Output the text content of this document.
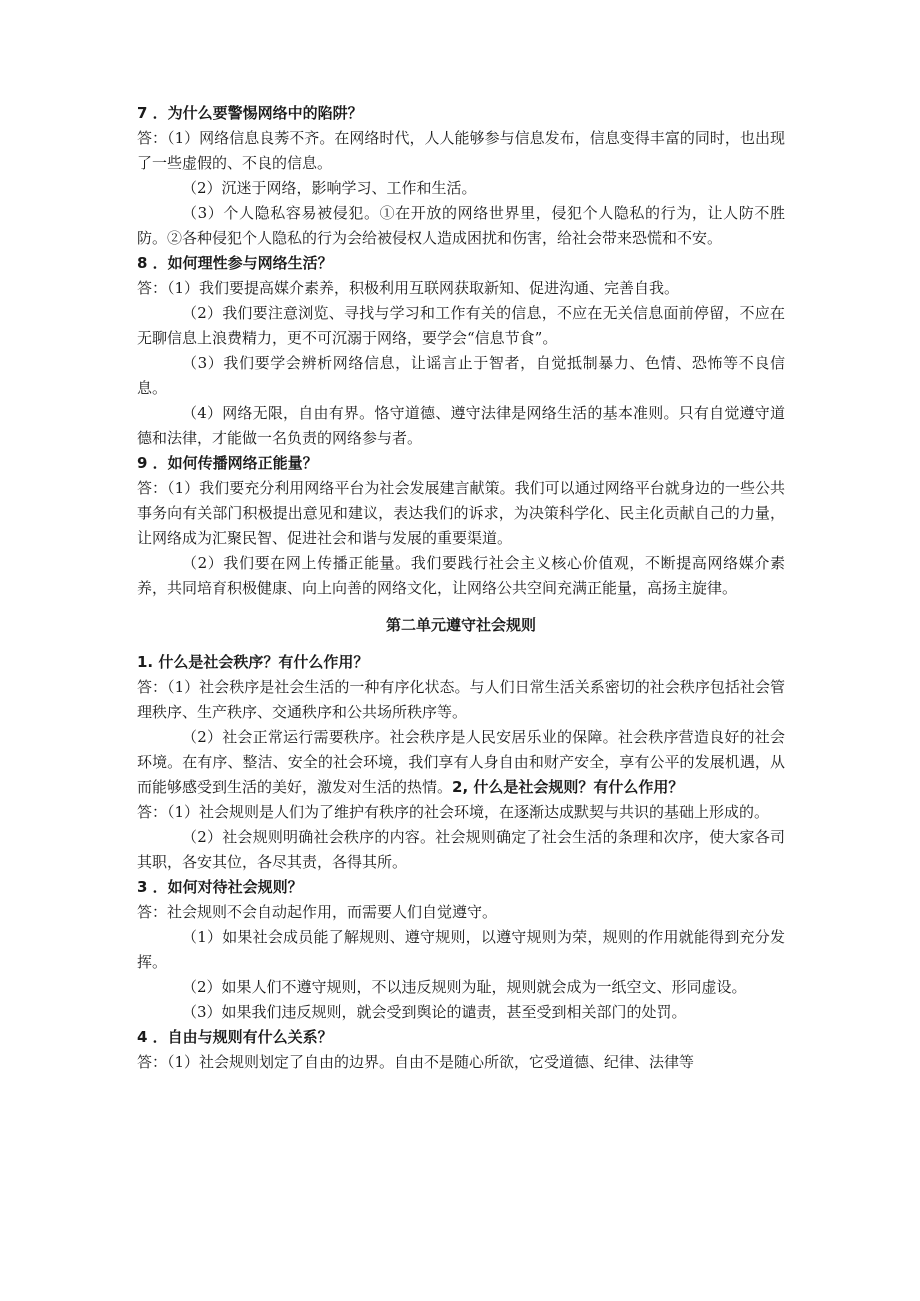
7 ．为什么要警惕网络中的陷阱？

答：（1）网络信息良莠不齐。在网络时代，人人能够参与信息发布，信息变得丰富的同时，也出现了一些虚假的、不良的信息。

（2）沉迷于网络，影响学习、工作和生活。

（3）个人隐私容易被侵犯。①在开放的网络世界里，侵犯个人隐私的行为，让人防不胜防。②各种侵犯个人隐私的行为会给被侵权人造成困扰和伤害，给社会带来恐慌和不安。

8 ．如何理性参与网络生活？

答：（1）我们要提高媒介素养，积极利用互联网获取新知、促进沟通、完善自我。

（2）我们要注意浏览、寻找与学习和工作有关的信息，不应在无关信息面前停留，不应在无聊信息上浪费精力，更不可沉溺于网络，要学会“信息节食”。

（3）我们要学会辨析网络信息，让谣言止于智者，自觉抵制暴力、色情、恐怖等不良信息。

（4）网络无限，自由有界。恪守道德、遵守法律是网络生活的基本准则。只有自觉遵守道德和法律，才能做一名负责的网络参与者。

9 ．如何传播网络正能量？

答：（1）我们要充分利用网络平台为社会发展建言献策。我们可以通过网络平台就身边的一些公共事务向有关部门积极提出意见和建议，表达我们的诉求，为决策科学化、民主化贡献自己的力量，让网络成为汇聚民智、促进社会和谐与发展的重要渠道。

（2）我们要在网上传播正能量。我们要践行社会主义核心价值观，不断提高网络媒介素养，共同培育积极健康、向上向善的网络文化，让网络公共空间充满正能量，高扬主旋律。

第二单元遵守社会规则

1. 什么是社会秩序？有什么作用？

答：（1）社会秩序是社会生活的一种有序化状态。与人们日常生活关系密切的社会秩序包括社会管理秩序、生产秩序、交通秩序和公共场所秩序等。

（2）社会正常运行需要秩序。社会秩序是人民安居乐业的保障。社会秩序营造良好的社会环境。在有序、整洁、安全的社会环境，我们享有人身自由和财产安全，享有公平的发展机遇，从而能够感受到生活的美好，激发对生活的热情。2, 什么是社会规则？有什么作用？

答：（1）社会规则是人们为了维护有秩序的社会环境，在逐渐达成默契与共识的基础上形成的。

（2）社会规则明确社会秩序的内容。社会规则确定了社会生活的条理和次序，使大家各司其职，各安其位，各尽其责，各得其所。

3 ．如何对待社会规则？

答：社会规则不会自动起作用，而需要人们自觉遵守。

（1）如果社会成员能了解规则、遵守规则，以遵守规则为荣，规则的作用就能得到充分发挥。

（2）如果人们不遵守规则，不以违反规则为耻，规则就会成为一纸空文、形同虚设。

（3）如果我们违反规则，就会受到舆论的谴责，甚至受到相关部门的处罚。

4 ．自由与规则有什么关系？

答：（1）社会规则划定了自由的边界。自由不是随心所欲，它受道德、纪律、法律等
